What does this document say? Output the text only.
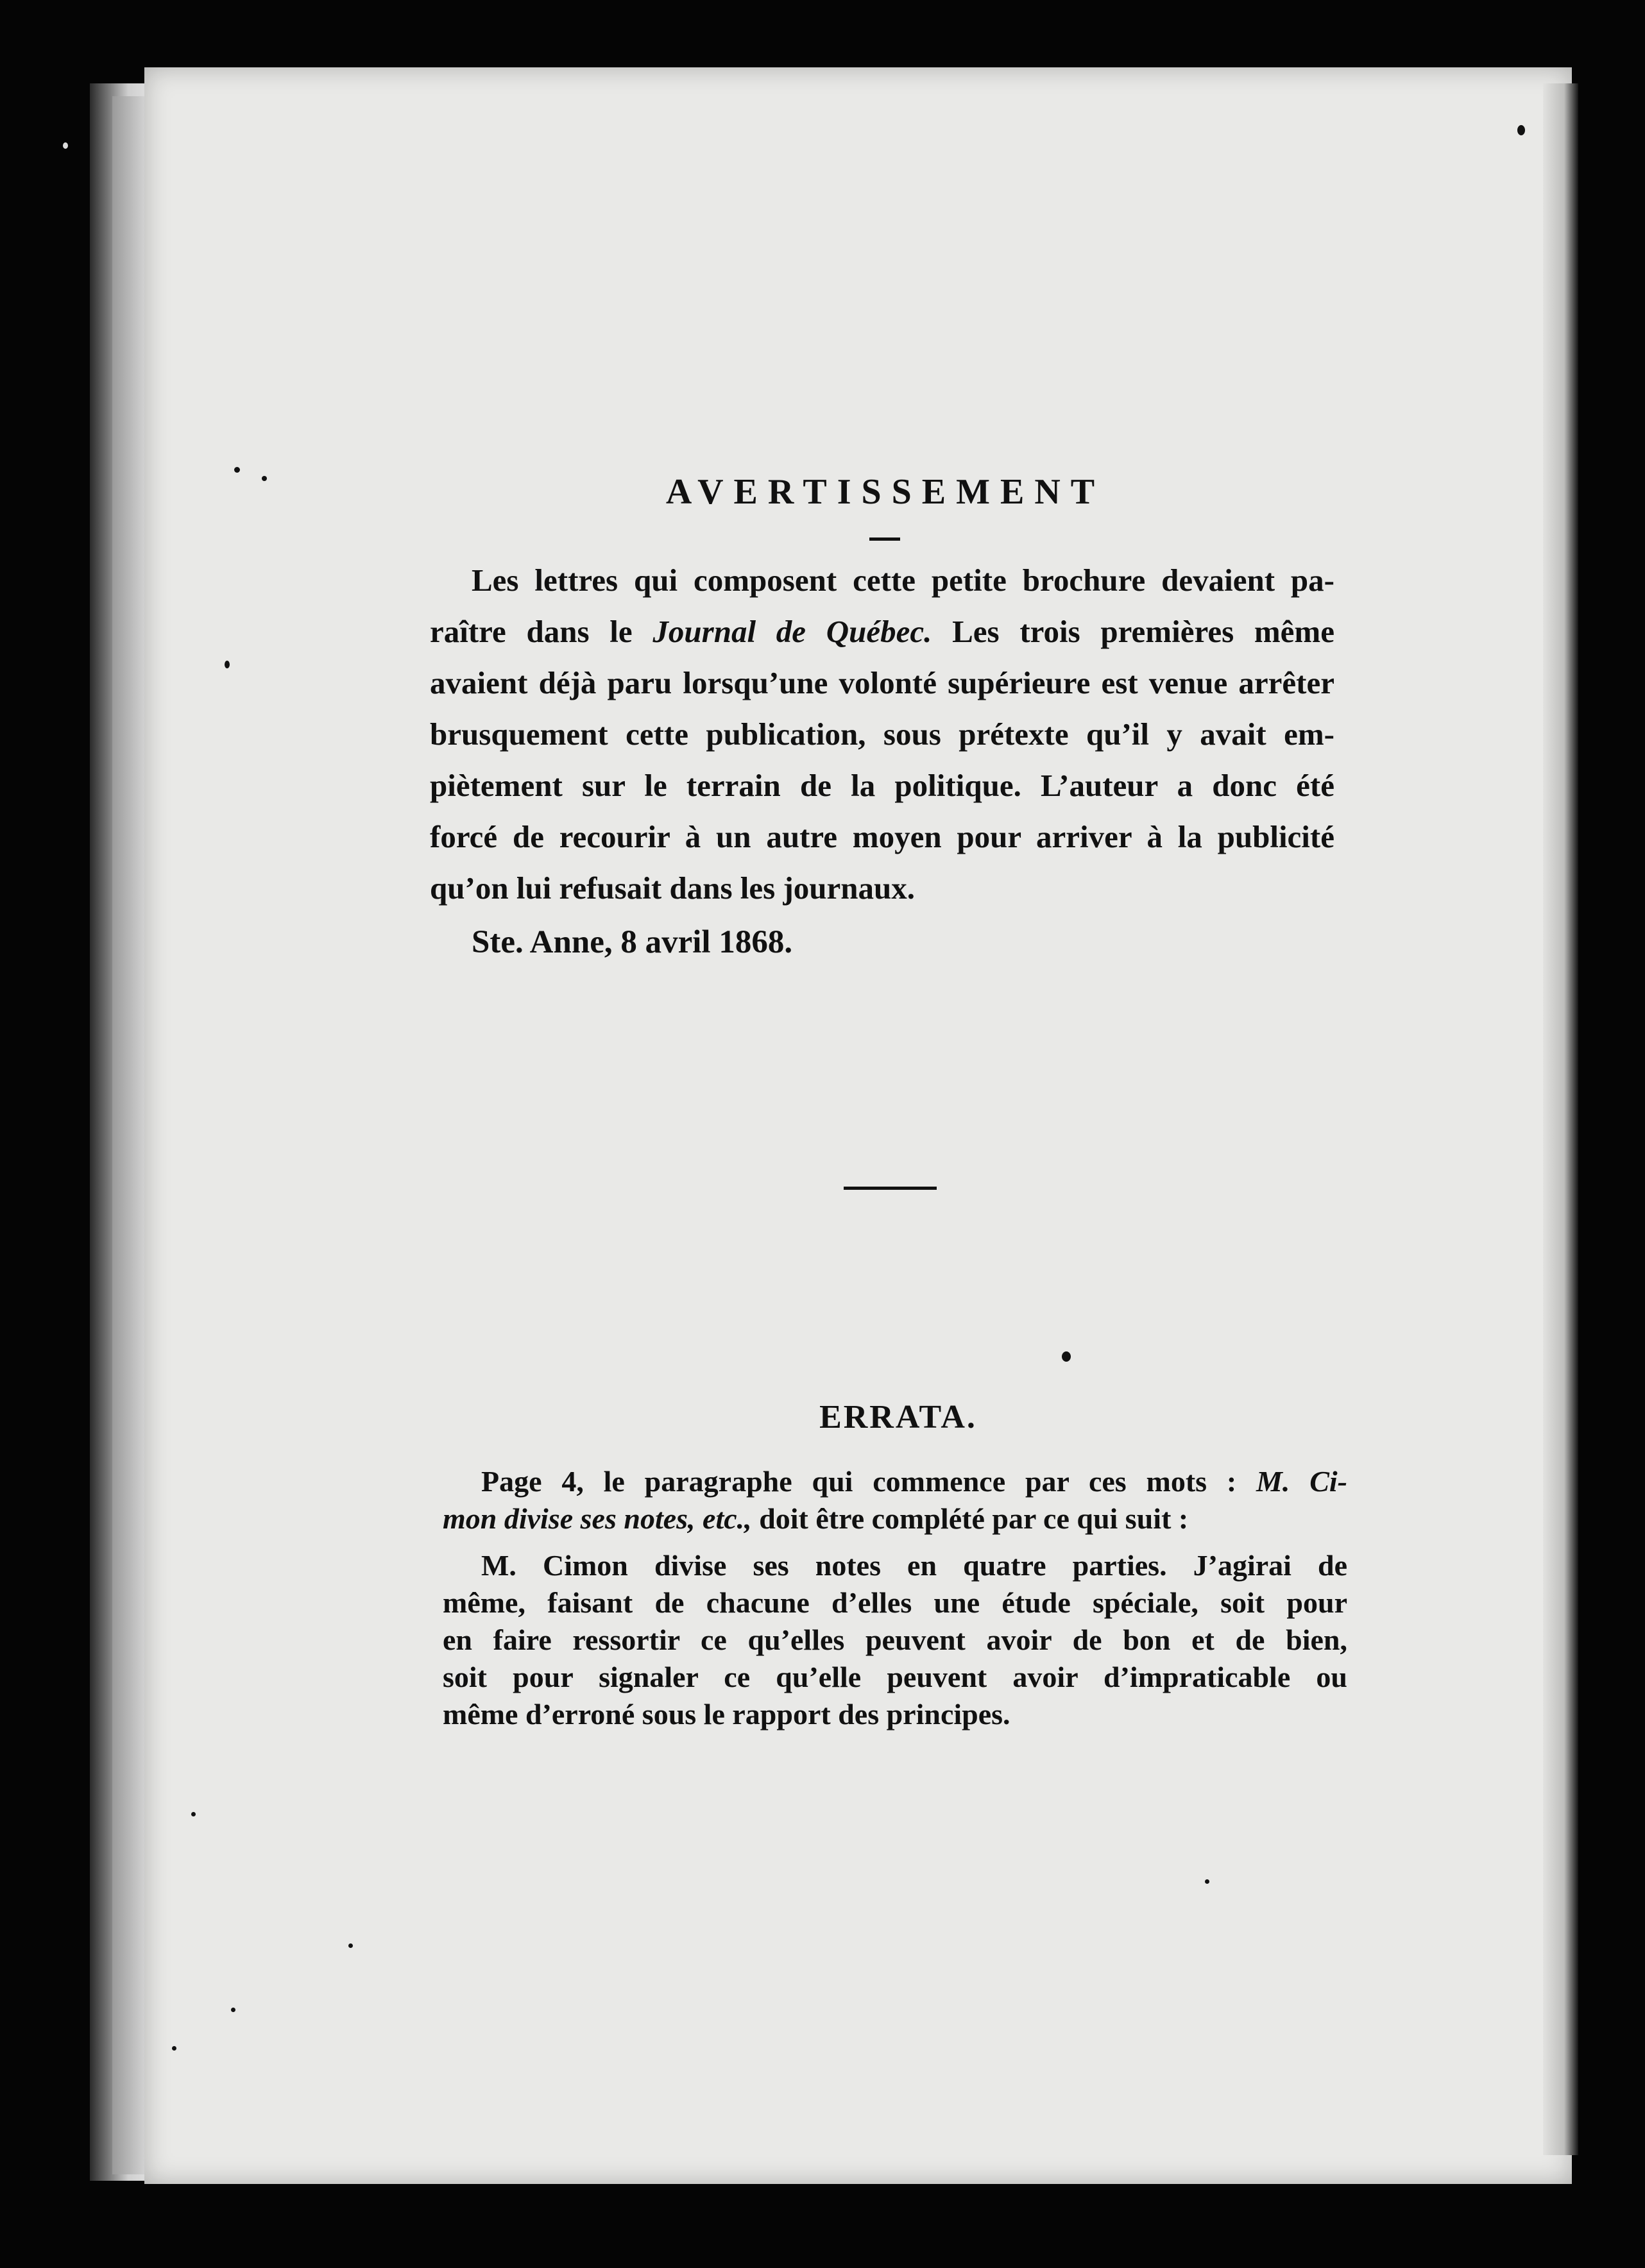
AVERTISSEMENT
Les lettres qui composent cette petite brochure devaient pa-
raître dans le Journal de Québec. Les trois premières même
avaient déjà paru lorsqu’une volonté supérieure est venue arrêter
brusquement cette publication, sous prétexte qu’il y avait em-
piètement sur le terrain de la politique. L’auteur a donc été
forcé de recourir à un autre moyen pour arriver à la publicité
qu’on lui refusait dans les journaux.
Ste. Anne, 8 avril 1868.
ERRATA.
Page 4, le paragraphe qui commence par ces mots : M. Ci-
mon divise ses notes, etc., doit être complété par ce qui suit :
M. Cimon divise ses notes en quatre parties. J’agirai de
même, faisant de chacune d’elles une étude spéciale, soit pour
en faire ressortir ce qu’elles peuvent avoir de bon et de bien,
soit pour signaler ce qu’elle peuvent avoir d’impraticable ou
même d’erroné sous le rapport des principes.
